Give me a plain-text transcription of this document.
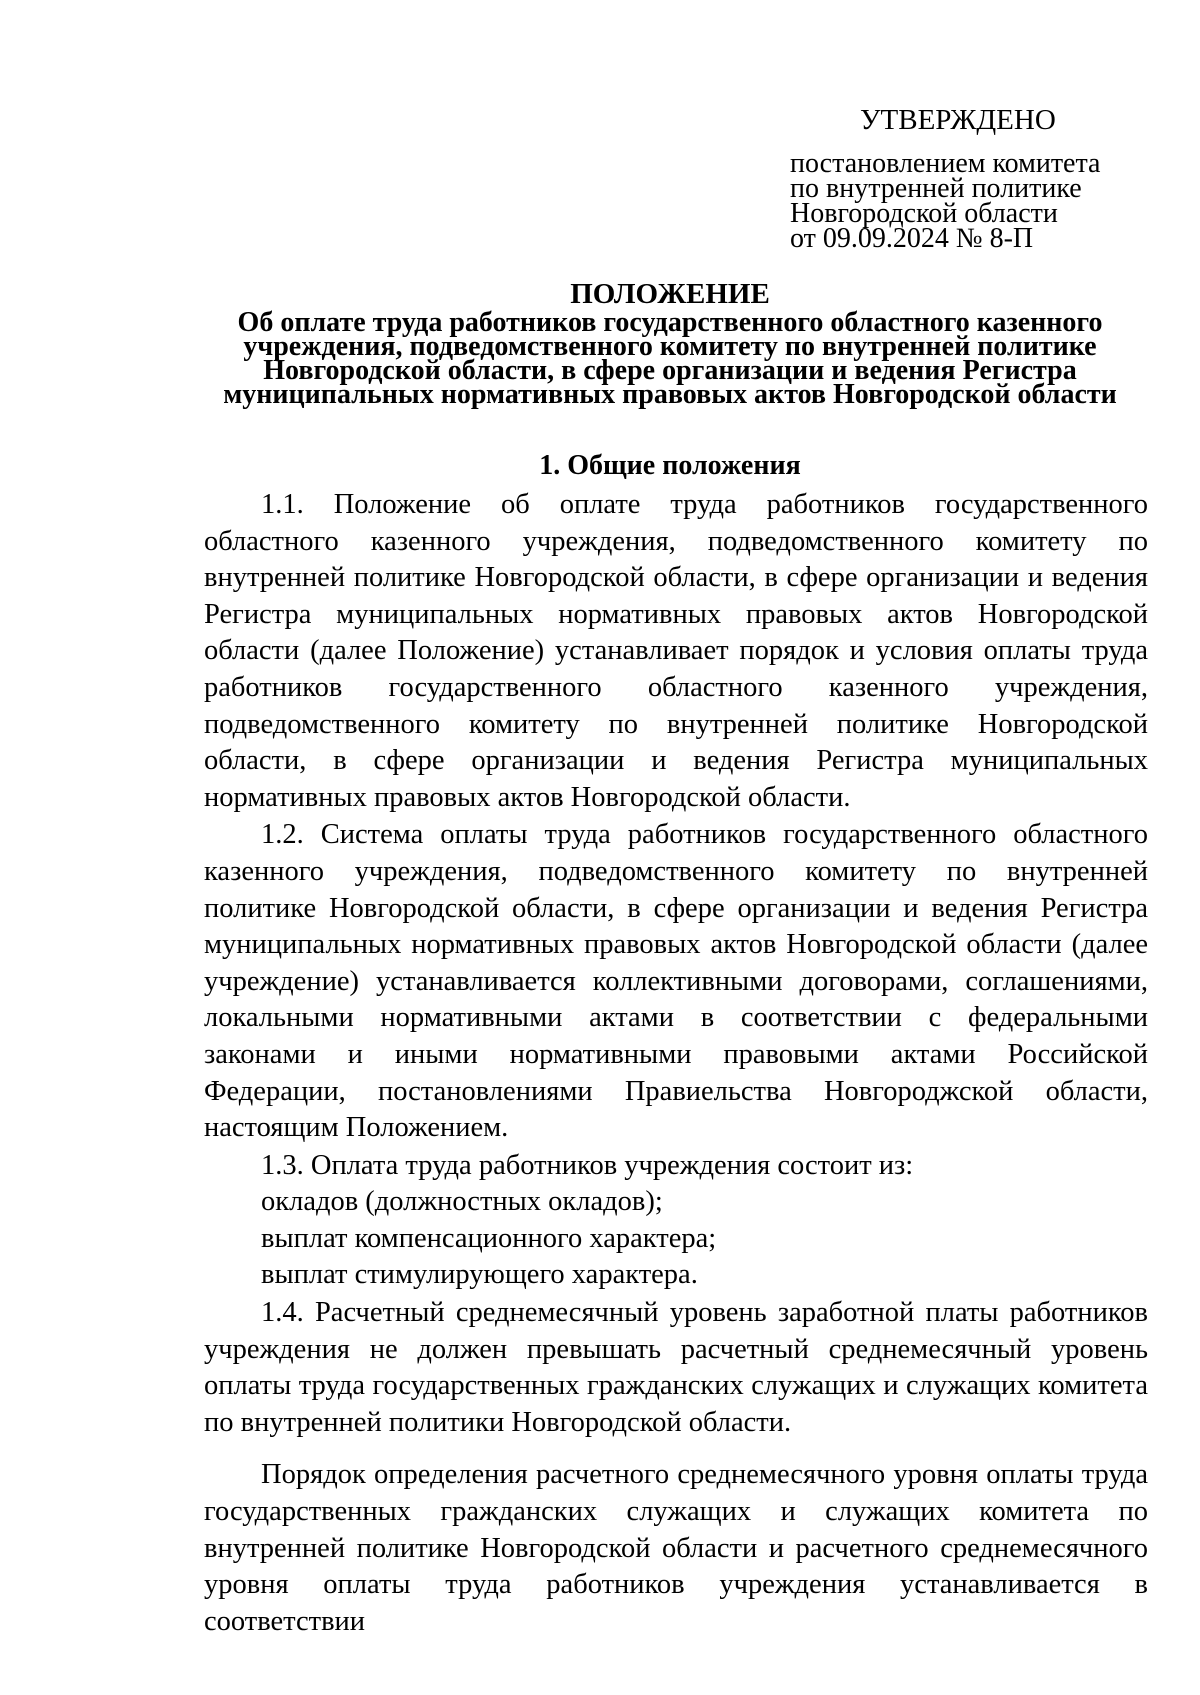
УТВЕРЖДЕНО
постановлением комитета
по внутренней политике
Новгородской области
от 09.09.2024 № 8-П
ПОЛОЖЕНИЕ
Об оплате труда работников государственного областного казенного
учреждения, подведомственного комитету по внутренней политике
Новгородской области, в сфере организации и ведения Регистра
муниципальных нормативных правовых актов Новгородской области
1. Общие положения

1.1. Положение об оплате труда работников государственного областного казенного учреждения, подведомственного комитету по внутренней политике Новгородской области, в сфере организации и ведения Регистра муниципальных нормативных правовых актов Новгородской области (далее Положение) устанавливает порядок и условия оплаты труда работников государственного областного казенного учреждения, подведомственного комитету по внутренней политике Новгородской области, в сфере организации и ведения Регистра муниципальных нормативных правовых актов Новгородской области.

1.2. Система оплаты труда работников государственного областного казенного учреждения, подведомственного комитету по внутренней политике Новгородской области, в сфере организации и ведения Регистра муниципальных нормативных правовых актов Новгородской области (далее учреждение) устанавливается коллективными договорами, соглашениями, локальными нормативными актами в соответствии с федеральными законами и иными нормативными правовыми актами Российской Федерации, постановлениями Правиельства Новгороджской области, настоящим Положением.

1.3. Оплата труда работников учреждения состоит из:

окладов (должностных окладов);

выплат компенсационного характера;

выплат стимулирующего характера.

1.4. Расчетный среднемесячный уровень заработной платы работников учреждения не должен превышать расчетный среднемесячный уровень оплаты труда государственных гражданских служащих и служащих комитета по внутренней политики Новгородской области.

Порядок определения расчетного среднемесячного уровня оплаты труда государственных гражданских служащих и служащих комитета по внутренней политике Новгородской области и расчетного среднемесячного уровня оплаты труда работников учреждения устанавливается в соответствии
